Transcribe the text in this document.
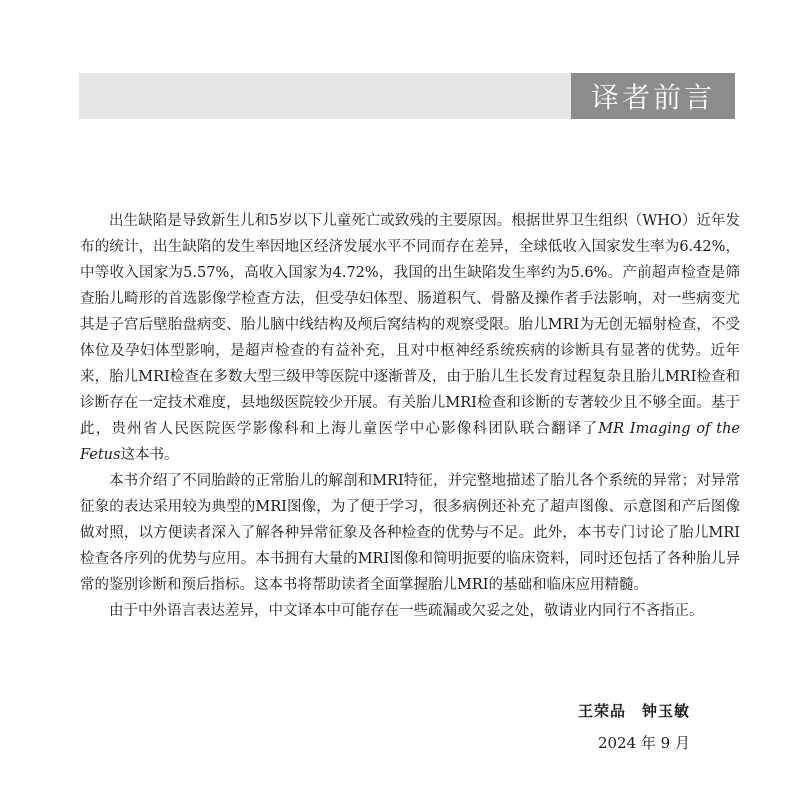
译者前言

出生缺陷是导致新生儿和5岁以下儿童死亡或致残的主要原因。根据世界卫生组织（WHO）近年发布的统计，出生缺陷的发生率因地区经济发展水平不同而存在差异，全球低收入国家发生率为6.42%，中等收入国家为5.57%，高收入国家为4.72%，我国的出生缺陷发生率约为5.6%。产前超声检查是筛查胎儿畸形的首选影像学检查方法，但受孕妇体型、肠道积气、骨骼及操作者手法影响，对一些病变尤其是子宫后壁胎盘病变、胎儿脑中线结构及颅后窝结构的观察受限。胎儿MRI为无创无辐射检查，不受体位及孕妇体型影响，是超声检查的有益补充，且对中枢神经系统疾病的诊断具有显著的优势。近年来，胎儿MRI检查在多数大型三级甲等医院中逐渐普及，由于胎儿生长发育过程复杂且胎儿MRI检查和诊断存在一定技术难度，县地级医院较少开展。有关胎儿MRI检查和诊断的专著较少且不够全面。基于此，贵州省人民医院医学影像科和上海儿童医学中心影像科团队联合翻译了MR Imaging of the Fetus这本书。

本书介绍了不同胎龄的正常胎儿的解剖和MRI特征，并完整地描述了胎儿各个系统的异常；对异常征象的表达采用较为典型的MRI图像，为了便于学习，很多病例还补充了超声图像、示意图和产后图像做对照，以方便读者深入了解各种异常征象及各种检查的优势与不足。此外，本书专门讨论了胎儿MRI检查各序列的优势与应用。本书拥有大量的MRI图像和简明扼要的临床资料，同时还包括了各种胎儿异常的鉴别诊断和预后指标。这本书将帮助读者全面掌握胎儿MRI的基础和临床应用精髓。

由于中外语言表达差异，中文译本中可能存在一些疏漏或欠妥之处，敬请业内同行不吝指正。

王荣品　钟玉敏
2024 年 9 月
